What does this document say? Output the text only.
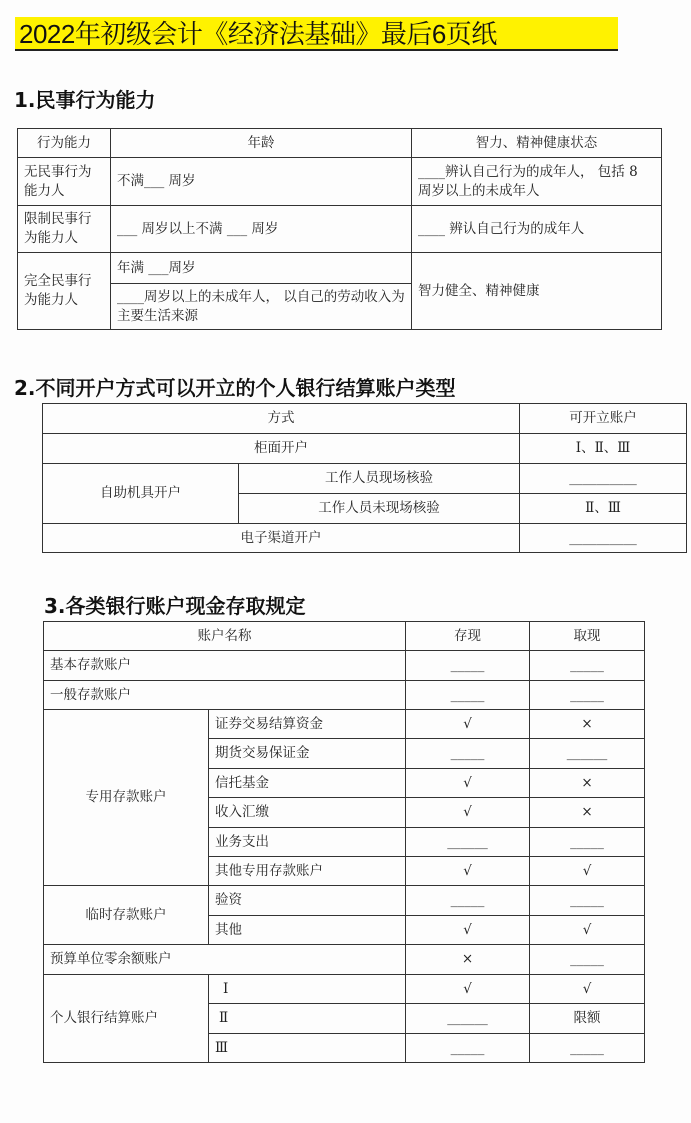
2022年初级会计《经济法基础》最后6页纸
1.民事行为能力
行为能力	年龄	智力、精神健康状态
无民事行为能力人	不满___ 周岁	____辨认自己行为的成年人， 包括 8 周岁以上的未成年人
限制民事行为能力人	___ 周岁以上不满 ___ 周岁	____ 辨认自己行为的成年人
完全民事行为能力人	年满 ___周岁	智力健全、精神健康
	____周岁以上的未成年人， 以自己的劳动收入为主要生活来源	
2.不同开户方式可以开立的个人银行结算账户类型
方式		可开立账户
柜面开户		Ⅰ、Ⅱ、Ⅲ
自助机具开户	工作人员现场核验	__________
	工作人员未现场核验	Ⅱ、Ⅲ
电子渠道开户		__________
3.各类银行账户现金存取规定
账户名称		存现	取现
基本存款账户		_____	_____
一般存款账户		_____	_____
专用存款账户	证券交易结算资金	√	×
	期货交易保证金	_____	______
	信托基金	√	×
	收入汇缴	√	×
	业务支出	______	_____
	其他专用存款账户	√	√
临时存款账户	验资	_____	_____
	其他	√	√
预算单位零余额账户		×	_____
个人银行结算账户	Ⅰ	√	√
	Ⅱ	______	限额
	Ⅲ	_____	_____
